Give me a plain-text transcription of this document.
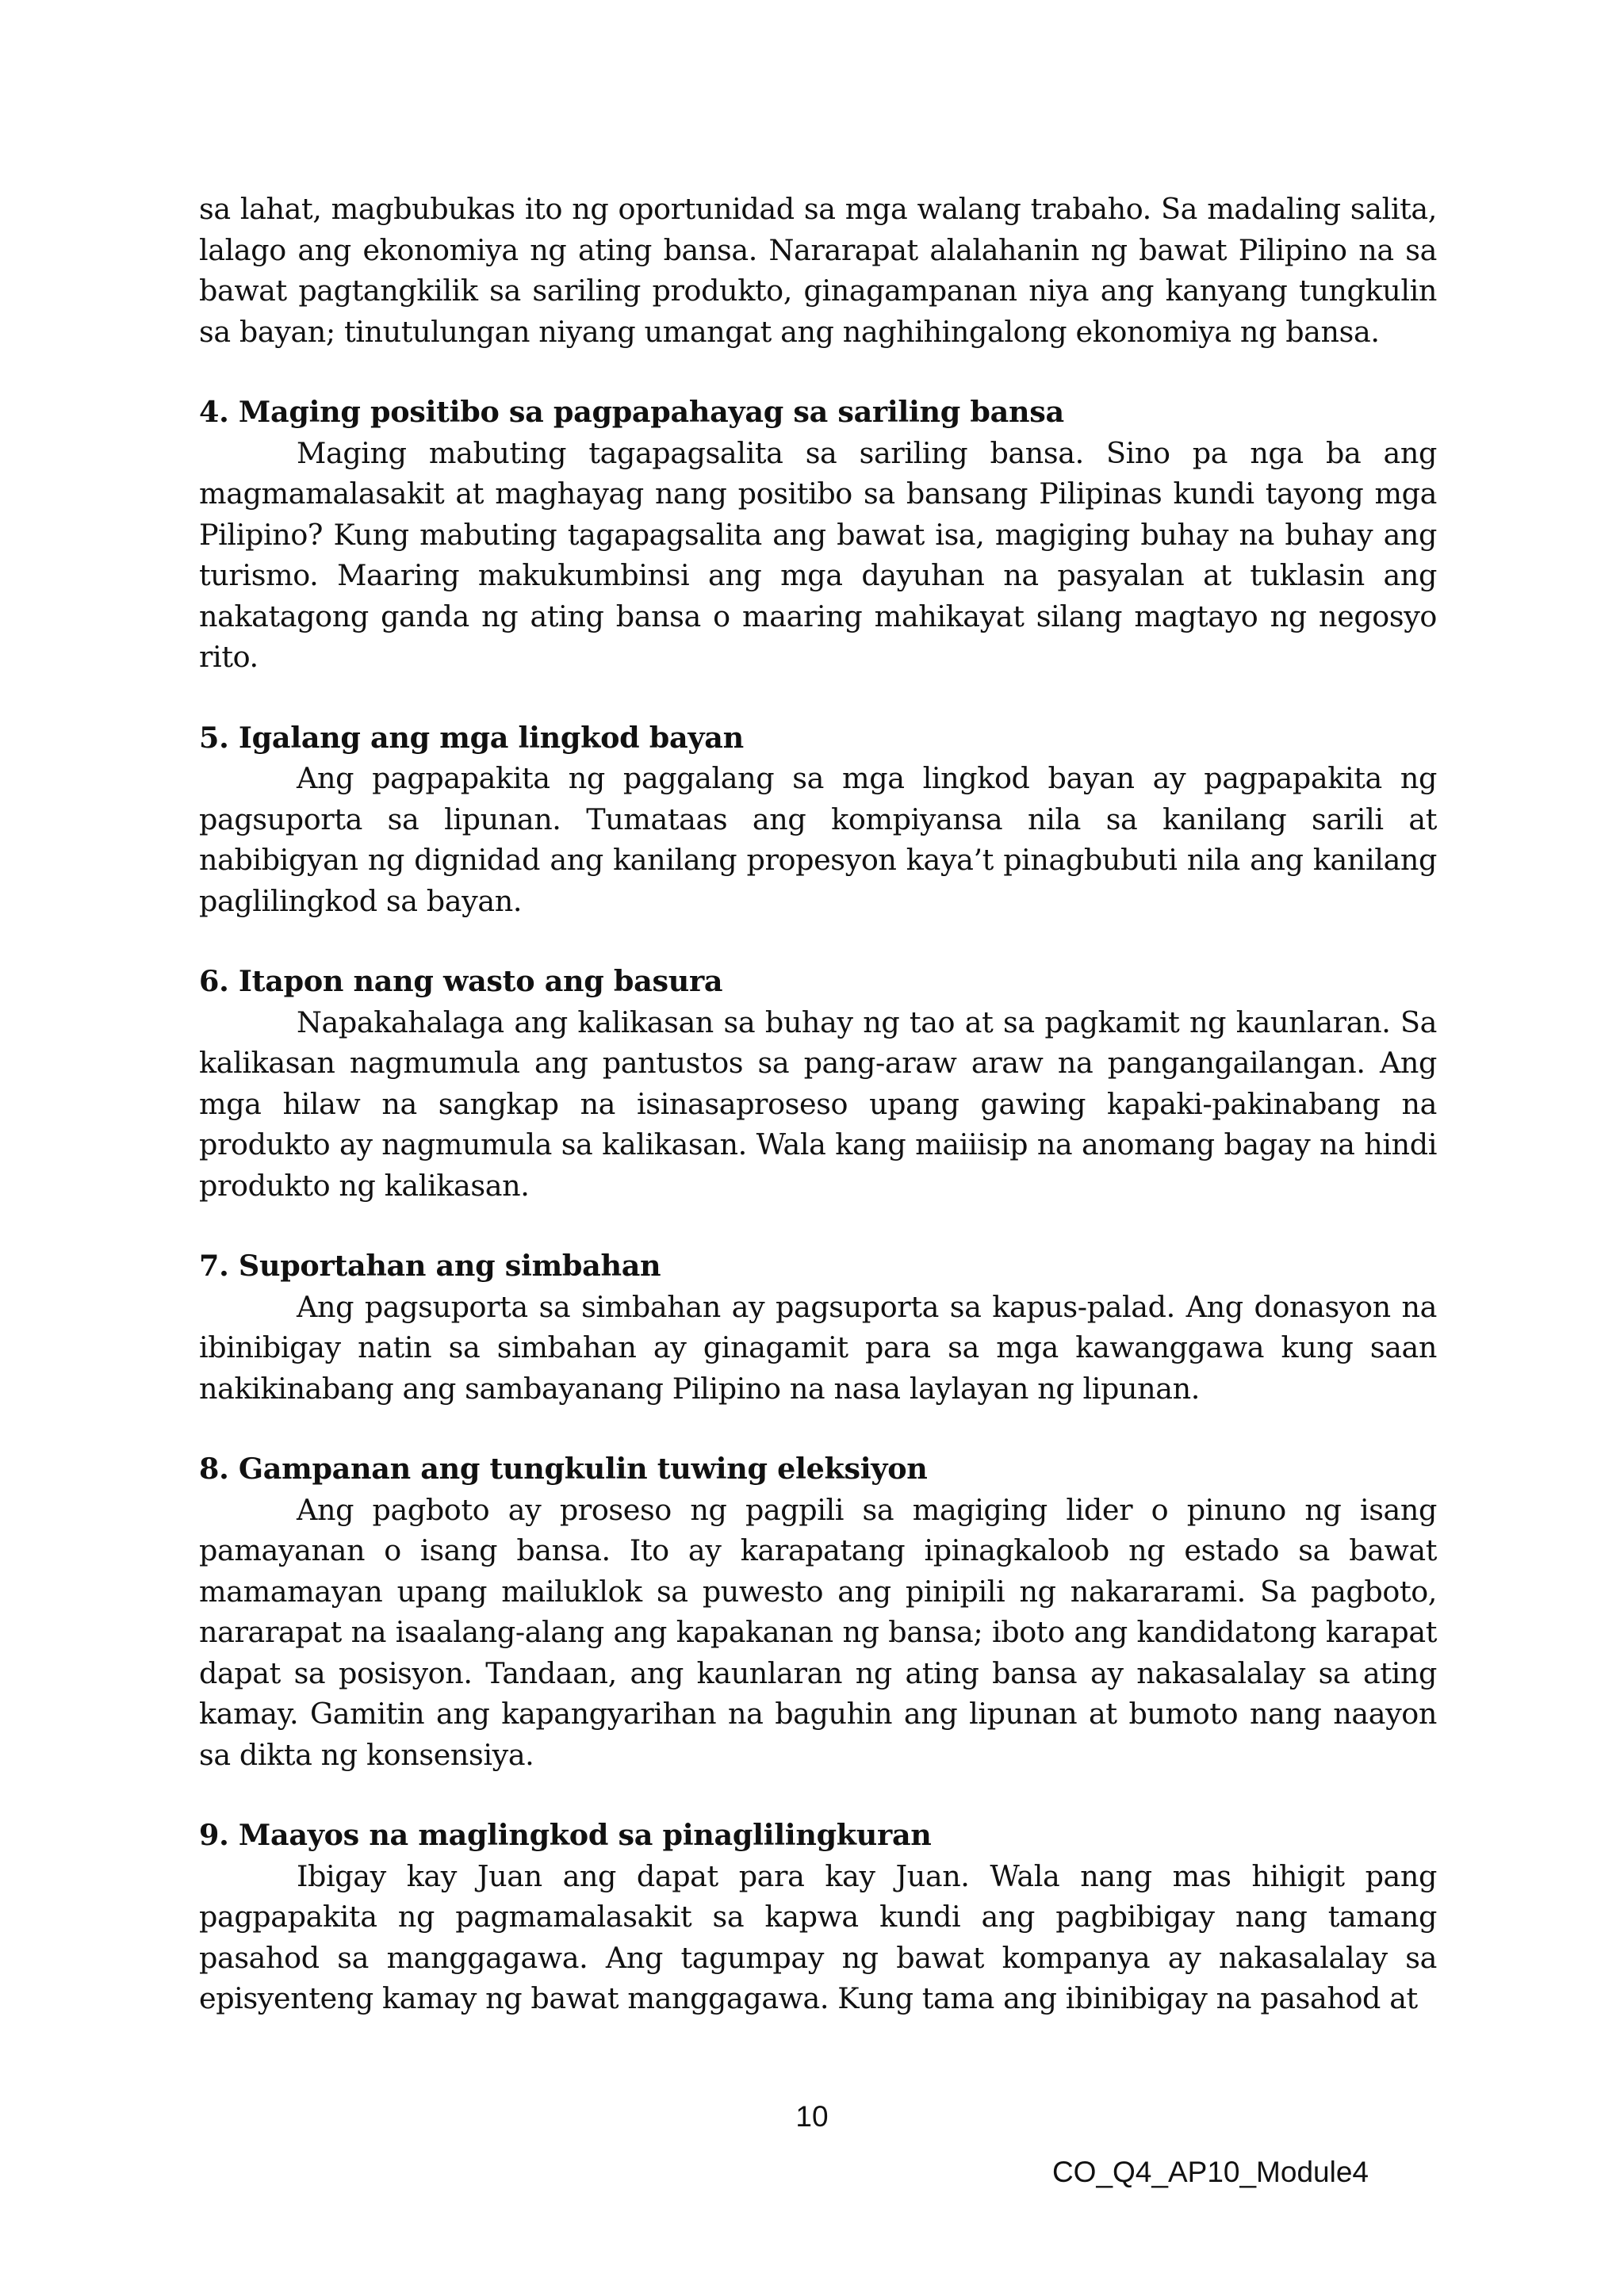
sa lahat, magbubukas ito ng oportunidad sa mga walang trabaho. Sa madaling salita, lalago ang ekonomiya ng ating bansa. Nararapat alalahanin ng bawat Pilipino na sa bawat pagtangkilik sa sariling produkto, ginagampanan niya ang kanyang tungkulin sa bayan; tinutulungan niyang umangat ang naghihingalong ekonomiya ng bansa.

4. Maging positibo sa pagpapahayag sa sariling bansa

Maging mabuting tagapagsalita sa sariling bansa. Sino pa nga ba ang magmamalasakit at maghayag nang positibo sa bansang Pilipinas kundi tayong mga Pilipino? Kung mabuting tagapagsalita ang bawat isa, magiging buhay na buhay ang turismo. Maaring makukumbinsi ang mga dayuhan na pasyalan at tuklasin ang nakatagong ganda ng ating bansa o maaring mahikayat silang magtayo ng negosyo rito.

5. Igalang ang mga lingkod bayan

Ang pagpapakita ng paggalang sa mga lingkod bayan ay pagpapakita ng pagsuporta sa lipunan. Tumataas ang kompiyansa nila sa kanilang sarili at nabibigyan ng dignidad ang kanilang propesyon kaya’t pinagbubuti nila ang kanilang paglilingkod sa bayan.

6. Itapon nang wasto ang basura

Napakahalaga ang kalikasan sa buhay ng tao at sa pagkamit ng kaunlaran. Sa kalikasan nagmumula ang pantustos sa pang-araw araw na pangangailangan. Ang mga hilaw na sangkap na isinasaproseso upang gawing kapaki-pakinabang na produkto ay nagmumula sa kalikasan. Wala kang maiiisip na anomang bagay na hindi produkto ng kalikasan.

7. Suportahan ang simbahan

Ang pagsuporta sa simbahan ay pagsuporta sa kapus-palad. Ang donasyon na ibinibigay natin sa simbahan ay ginagamit para sa mga kawanggawa kung saan nakikinabang ang sambayanang Pilipino na nasa laylayan ng lipunan.

8. Gampanan ang tungkulin tuwing eleksiyon

Ang pagboto ay proseso ng pagpili sa magiging lider o pinuno ng isang pamayanan o isang bansa. Ito ay karapatang ipinagkaloob ng estado sa bawat mamamayan upang mailuklok sa puwesto ang pinipili ng nakararami. Sa pagboto, nararapat na isaalang-alang ang kapakanan ng bansa; iboto ang kandidatong karapat dapat sa posisyon. Tandaan, ang kaunlaran ng ating bansa ay nakasalalay sa ating kamay. Gamitin ang kapangyarihan na baguhin ang lipunan at bumoto nang naayon sa dikta ng konsensiya.

9. Maayos na maglingkod sa pinaglilingkuran

Ibigay kay Juan ang dapat para kay Juan. Wala nang mas hihigit pang pagpapakita ng pagmamalasakit sa kapwa kundi ang pagbibigay nang tamang pasahod sa manggagawa. Ang tagumpay ng bawat kompanya ay nakasalalay sa episyenteng kamay ng bawat manggagawa. Kung tama ang ibinibigay na pasahod at

10
CO_Q4_AP10_Module4
